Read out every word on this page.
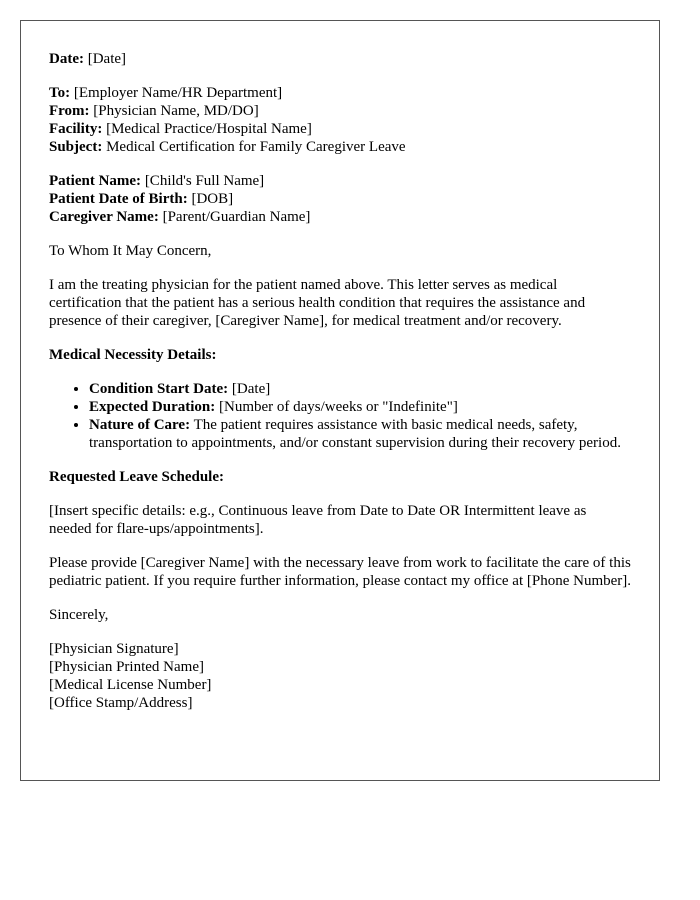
Date: [Date]
To: [Employer Name/HR Department]
From: [Physician Name, MD/DO]
Facility: [Medical Practice/Hospital Name]
Subject: Medical Certification for Family Caregiver Leave
Patient Name: [Child's Full Name]
Patient Date of Birth: [DOB]
Caregiver Name: [Parent/Guardian Name]

To Whom It May Concern,

I am the treating physician for the patient named above. This letter serves as medical certification that the patient has a serious health condition that requires the assistance and presence of their caregiver, [Caregiver Name], for medical treatment and/or recovery.

Medical Necessity Details:
• Condition Start Date: [Date]
• Expected Duration: [Number of days/weeks or "Indefinite"]
• Nature of Care: The patient requires assistance with basic medical needs, safety, transportation to appointments, and/or constant supervision during their recovery period.
Requested Leave Schedule:

[Insert specific details: e.g., Continuous leave from Date to Date OR Intermittent leave as needed for flare-ups/appointments].

Please provide [Caregiver Name] with the necessary leave from work to facilitate the care of this pediatric patient. If you require further information, please contact my office at [Phone Number].

Sincerely,

[Physician Signature]
[Physician Printed Name]
[Medical License Number]
[Office Stamp/Address]
